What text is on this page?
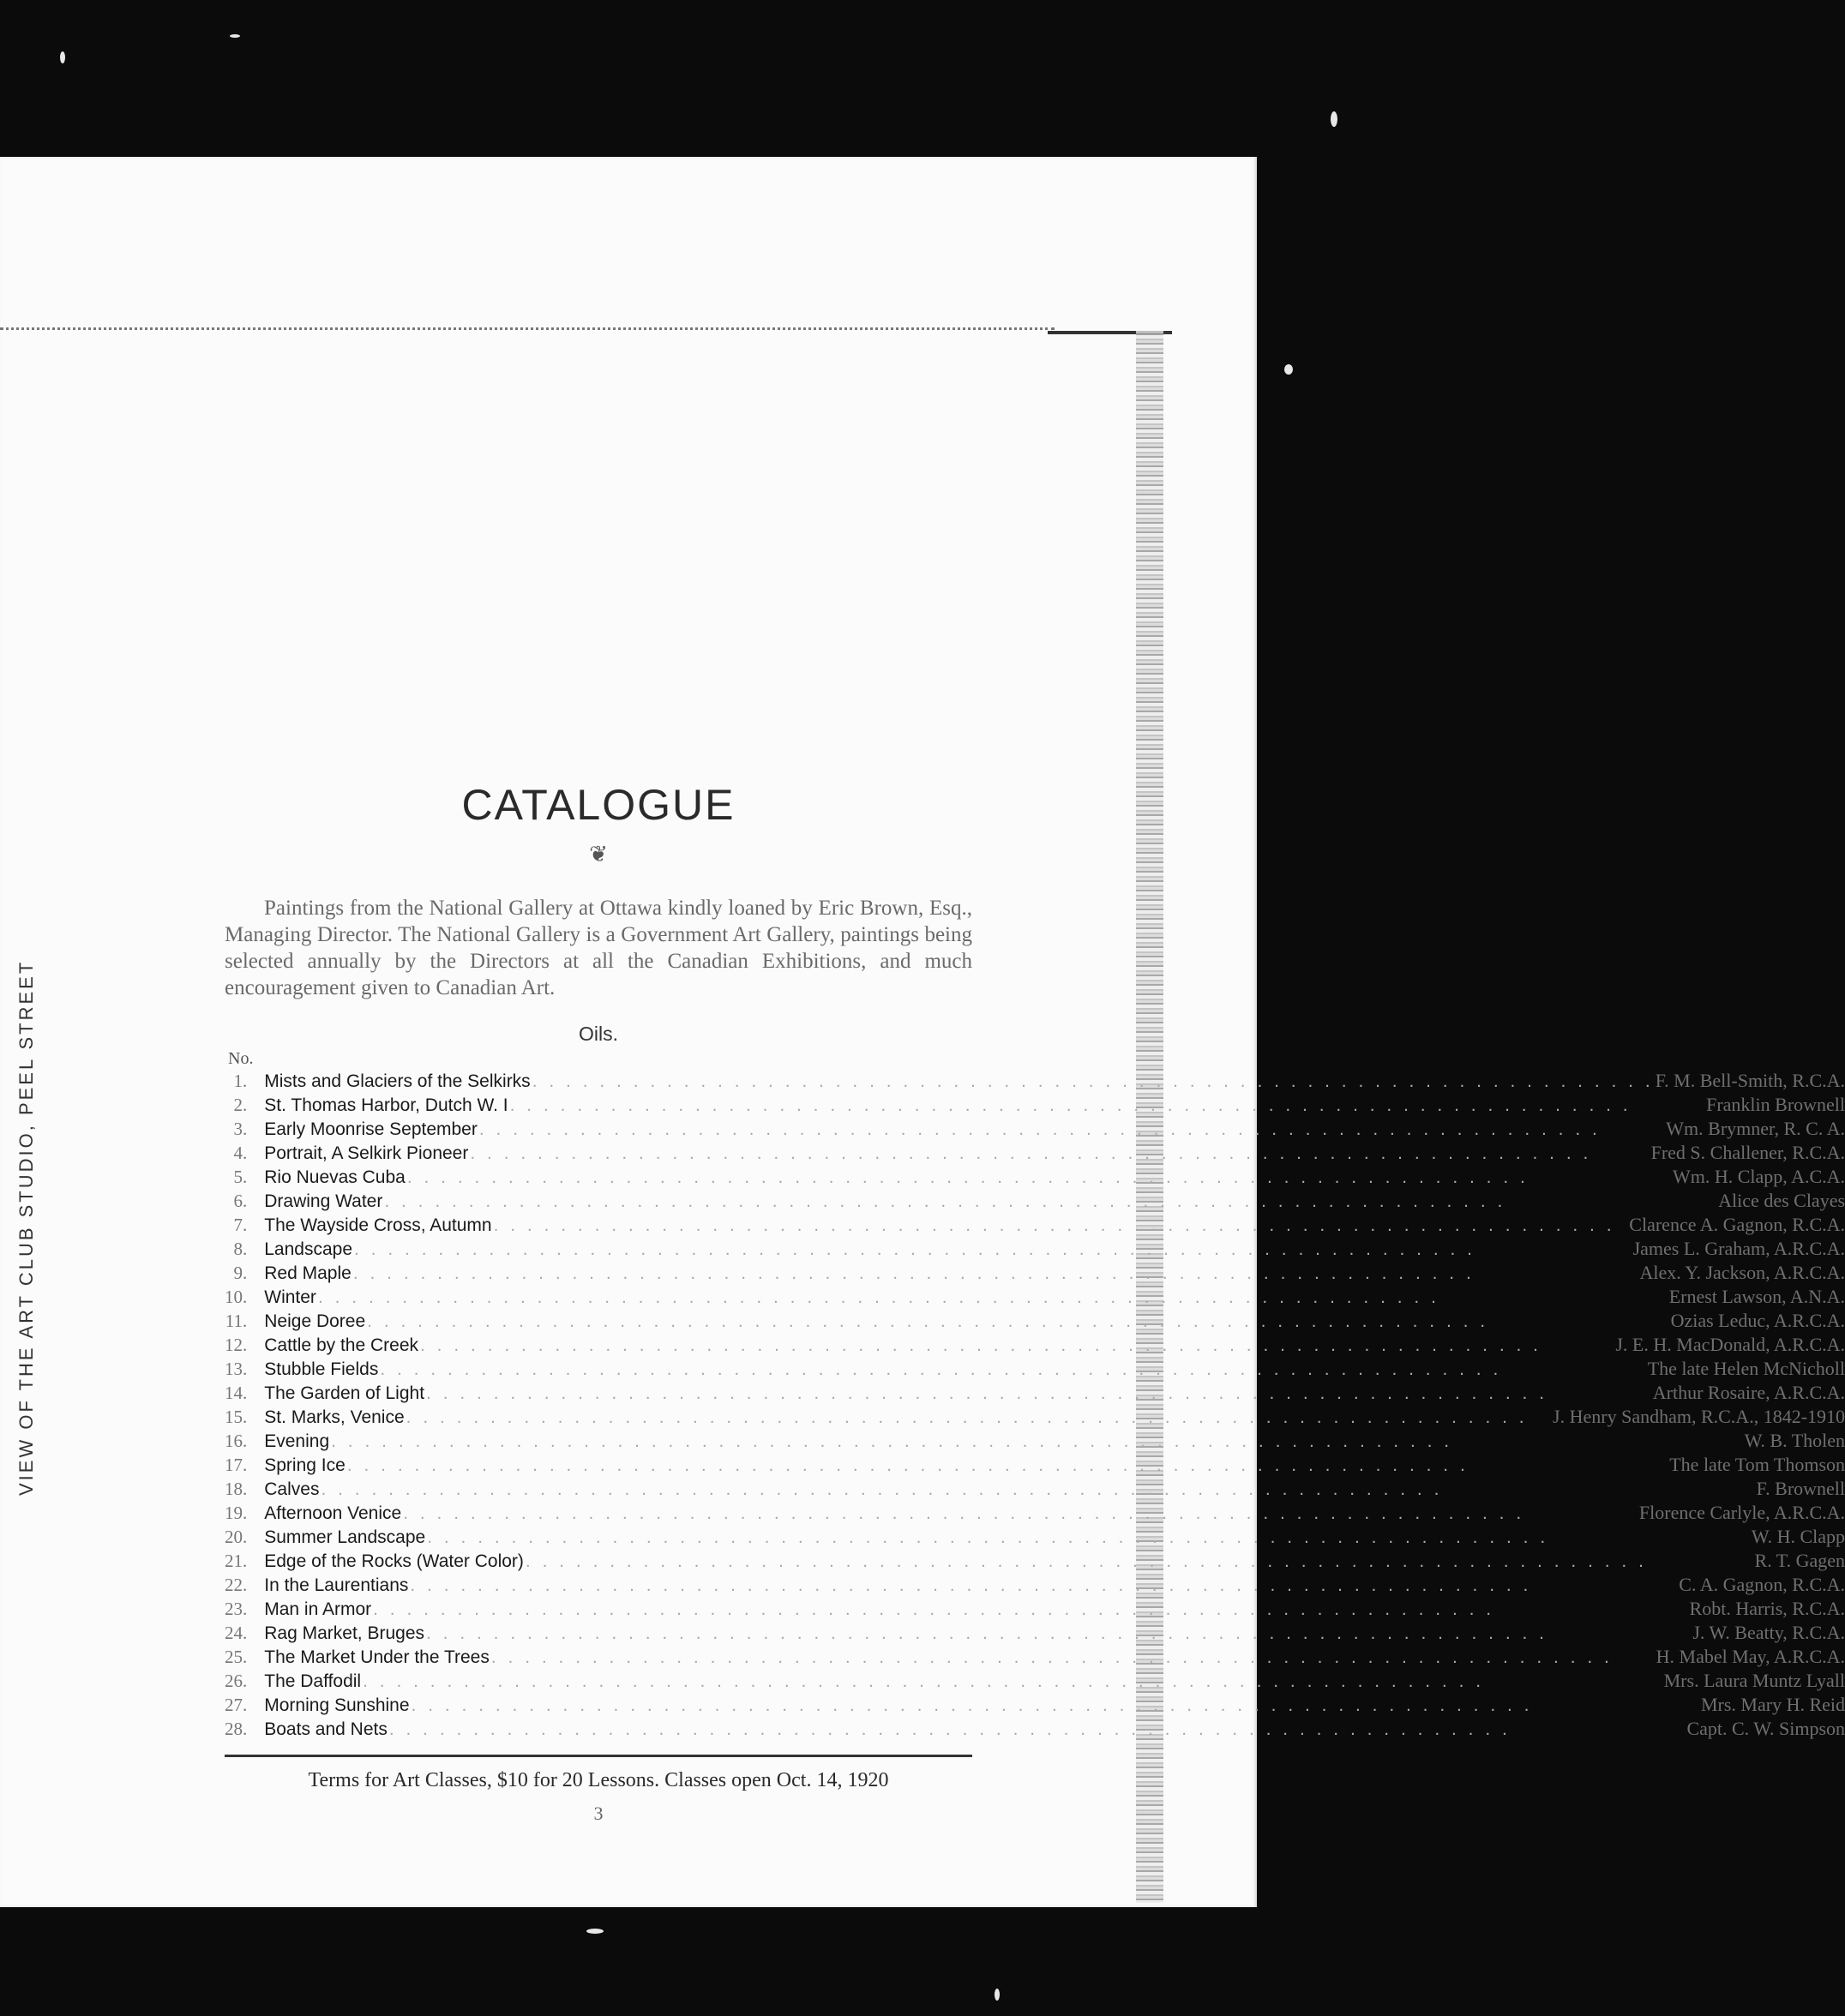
VIEW OF THE ART CLUB STUDIO, PEEL STREET
CATALOGUE
❦

Paintings from the National Gallery at Ottawa kindly loaned by Eric Brown, Esq., Managing Director. The National Gallery is a Government Art Gallery, paintings being selected annually by the Directors at all the Canadian Exhibitions, and much encouragement given to Canadian Art.

Oils.
No.
1.	Mists and Glaciers of the Selkirks . . . F. M. Bell-Smith, R.C.A.

2.	St. Thomas Harbor, Dutch W. I . . . Franklin Brownell

3.	Early Moonrise September . . . Wm. Brymner, R. C. A.

4.	Portrait, A Selkirk Pioneer . . . Fred S. Challener, R.C.A.

5.	Rio Nuevas Cuba . . . Wm. H. Clapp, A.C.A.

6.	Drawing Water . . . Alice des Clayes

7.	The Wayside Cross, Autumn . . . Clarence A. Gagnon, R.C.A.

8.	Landscape . . . James L. Graham, A.R.C.A.

9.	Red Maple . . . Alex. Y. Jackson, A.R.C.A.

10.	Winter . . . Ernest Lawson, A.N.A.

11.	Neige Doree . . . Ozias Leduc, A.R.C.A.

12.	Cattle by the Creek . . . J. E. H. MacDonald, A.R.C.A.

13.	Stubble Fields . . . The late Helen McNicholl

14.	The Garden of Light . . . Arthur Rosaire, A.R.C.A.

15.	St. Marks, Venice . . . J. Henry Sandham, R.C.A., 1842-1910

16.	Evening . . . W. B. Tholen

17.	Spring Ice . . . The late Tom Thomson

18.	Calves . . . F. Brownell

19.	Afternoon Venice . . . Florence Carlyle, A.R.C.A.

20.	Summer Landscape . . . W. H. Clapp

21.	Edge of the Rocks (Water Color) . . . R. T. Gagen

22.	In the Laurentians . . . C. A. Gagnon, R.C.A.

23.	Man in Armor . . . Robt. Harris, R.C.A.

24.	Rag Market, Bruges . . . J. W. Beatty, R.C.A.

25.	The Market Under the Trees . . . H. Mabel May, A.R.C.A.

26.	The Daffodil . . . Mrs. Laura Muntz Lyall

27.	Morning Sunshine . . . Mrs. Mary H. Reid

28.	Boats and Nets . . . Capt. C. W. Simpson
Terms for Art Classes, $10 for 20 Lessons. Classes open Oct. 14, 1920
3
